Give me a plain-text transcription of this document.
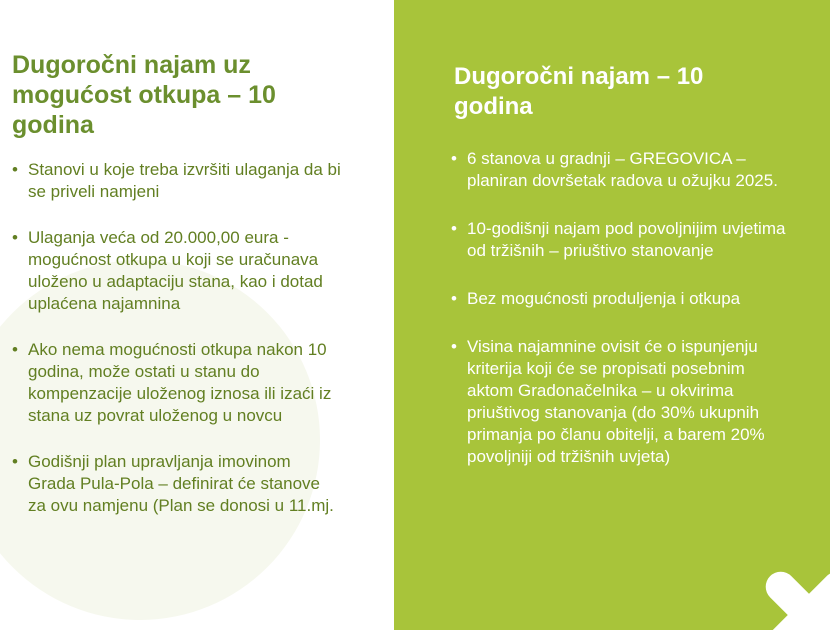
Dugoročni najam uz mogućost otkupa – 10 godina
• Stanovi u koje treba izvršiti ulaganja da bi se priveli namjeni
• Ulaganja veća od 20.000,00 eura -mogućnost otkupa u koji se uračunava uloženo u adaptaciju stana, kao i dotad uplaćena najamnina
• Ako nema mogućnosti otkupa nakon 10 godina, može ostati u stanu do kompenzacije uloženog iznosa ili izaći iz stana uz povrat uloženog u novcu
• Godišnji plan upravljanja imovinom Grada Pula-Pola – definirat će stanove za ovu namjenu (Plan se donosi u 11.mj.
Dugoročni najam – 10 godina
• 6 stanova u gradnji – GREGOVICA – planiran dovršetak radova u ožujku 2025.
• 10-godišnji najam pod povoljnijim uvjetima od tržišnih – priuštivo stanovanje
• Bez mogućnosti produljenja i otkupa
• Visina najamnine ovisit će o ispunjenju kriterija koji će se propisati posebnim aktom Gradonačelnika – u okvirima priuštivog stanovanja (do 30% ukupnih primanja po članu obitelji, a barem 20% povoljniji od tržišnih uvjeta)
